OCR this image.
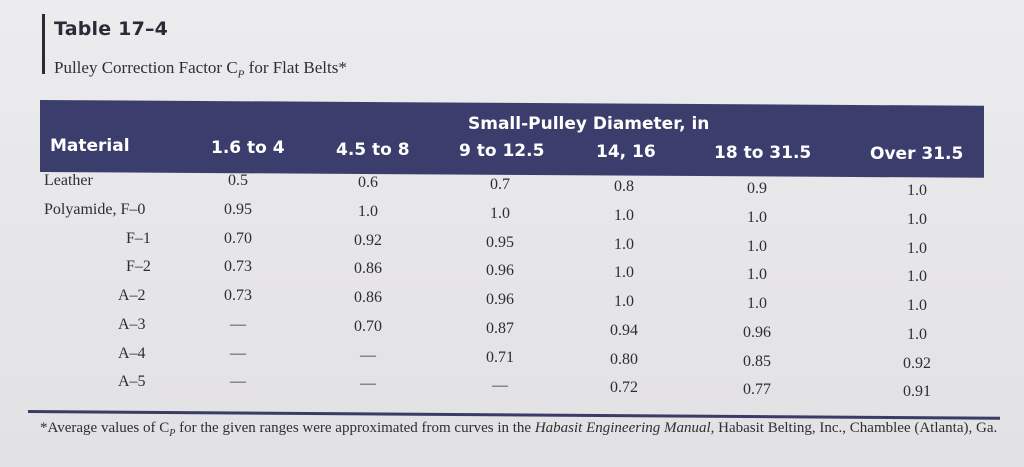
Table 17–4
Pulley Correction Factor $C_P$ for Flat Belts*
Small-Pulley Diameter, in
Material	1.6 to 4	4.5 to 8	9 to 12.5	14, 16	18 to 31.5	Over 31.5
*Average values of $C_P$ for the given ranges were approximated from curves in the Habasit Engineering Manual, Habasit Belting, Inc., Chamblee (Atlanta), Ga.
Leather	0.5	0.6	0.7	0.8	0.9	1.0
Polyamide, F–0	0.95	1.0	1.0	1.0	1.0	1.0
F–1	0.70	0.92	0.95	1.0	1.0	1.0
F–2	0.73	0.86	0.96	1.0	1.0	1.0
A–2	0.73	0.86	0.96	1.0	1.0	1.0
A–3	—	0.70	0.87	0.94	0.96	1.0
A–4	—	—	0.71	0.80	0.85	0.92
A–5	—	—	—	0.72	0.77	0.91
